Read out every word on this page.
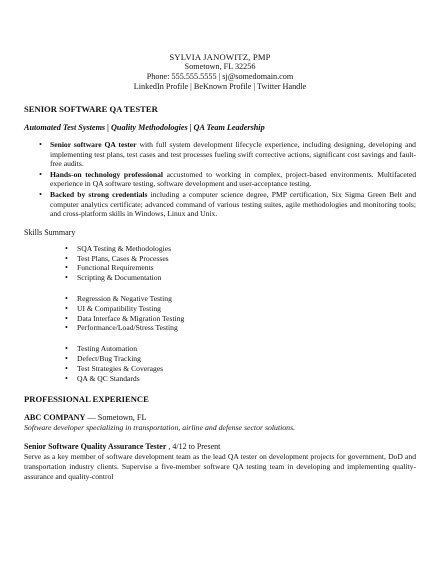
SYLVIA JANOWITZ, PMP
Sometown, FL 32256
Phone: 555.555.5555 | sj@somedomain.com
LinkedIn Profile | BeKnown Profile | Twitter Handle
SENIOR SOFTWARE QA TESTER
Automated Test Systems | Quality Methodologies | QA Team Leadership
• Senior software QA tester with full system development lifecycle experience, including designing, developing and implementing test plans, test cases and test processes fueling swift corrective actions, significant cost savings and fault-free audits.
• Hands-on technology professional accustomed to working in complex, project-based environments. Multifaceted experience in QA software testing, software development and user-acceptance testing.
• Backed by strong credentials including a computer science degree, PMP certification, Six Sigma Green Belt and computer analytics certificate; advanced command of various testing suites, agile methodologies and monitoring tools; and cross-platform skills in Windows, Linux and Unix.
Skills Summary
• SQA Testing & Methodologies
• Test Plans, Cases & Processes
• Functional Requirements
• Scripting & Documentation
• Regression & Negative Testing
• UI & Compatibility Testing
• Data Interface & Migration Testing
• Performance/Load/Stress Testing
• Testing Automation
• Defect/Bug Tracking
• Test Strategies & Coverages
• QA & QC Standards
PROFESSIONAL EXPERIENCE
ABC COMPANY — Sometown, FL
Software developer specializing in transportation, airline and defense sector solutions.
Senior Software Quality Assurance Tester , 4/12 to Present
Serve as a key member of software development team as the lead QA tester on development projects for government, DoD and transportation industry clients. Supervise a five-member software QA testing team in developing and implementing quality-assurance and quality-control
